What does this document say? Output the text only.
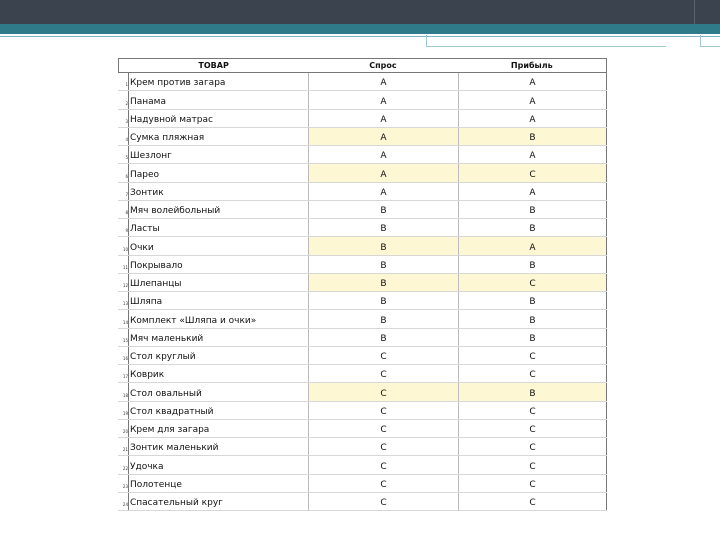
ТОВАР	Спрос	Прибыль
1 Крем против загара	A	A
2 Панама	A	A
3 Надувной матрас	A	A
4 Сумка пляжная	A	B
5 Шезлонг	A	A
6 Парео	A	C
7 Зонтик	A	A
8 Мяч волейбольный	B	B
9 Ласты	B	B
10 Очки	B	A
11 Покрывало	B	B
12 Шлепанцы	B	C
13 Шляпа	B	B
14 Комплект «Шляпа и очки»	B	B
15 Мяч маленький	B	B
16 Стол круглый	C	C
17 Коврик	C	C
18 Стол овальный	C	B
19 Стол квадратный	C	C
20 Крем для загара	C	C
21 Зонтик маленький	C	C
22 Удочка	C	C
23 Полотенце	C	C
24 Спасательный круг	C	C
